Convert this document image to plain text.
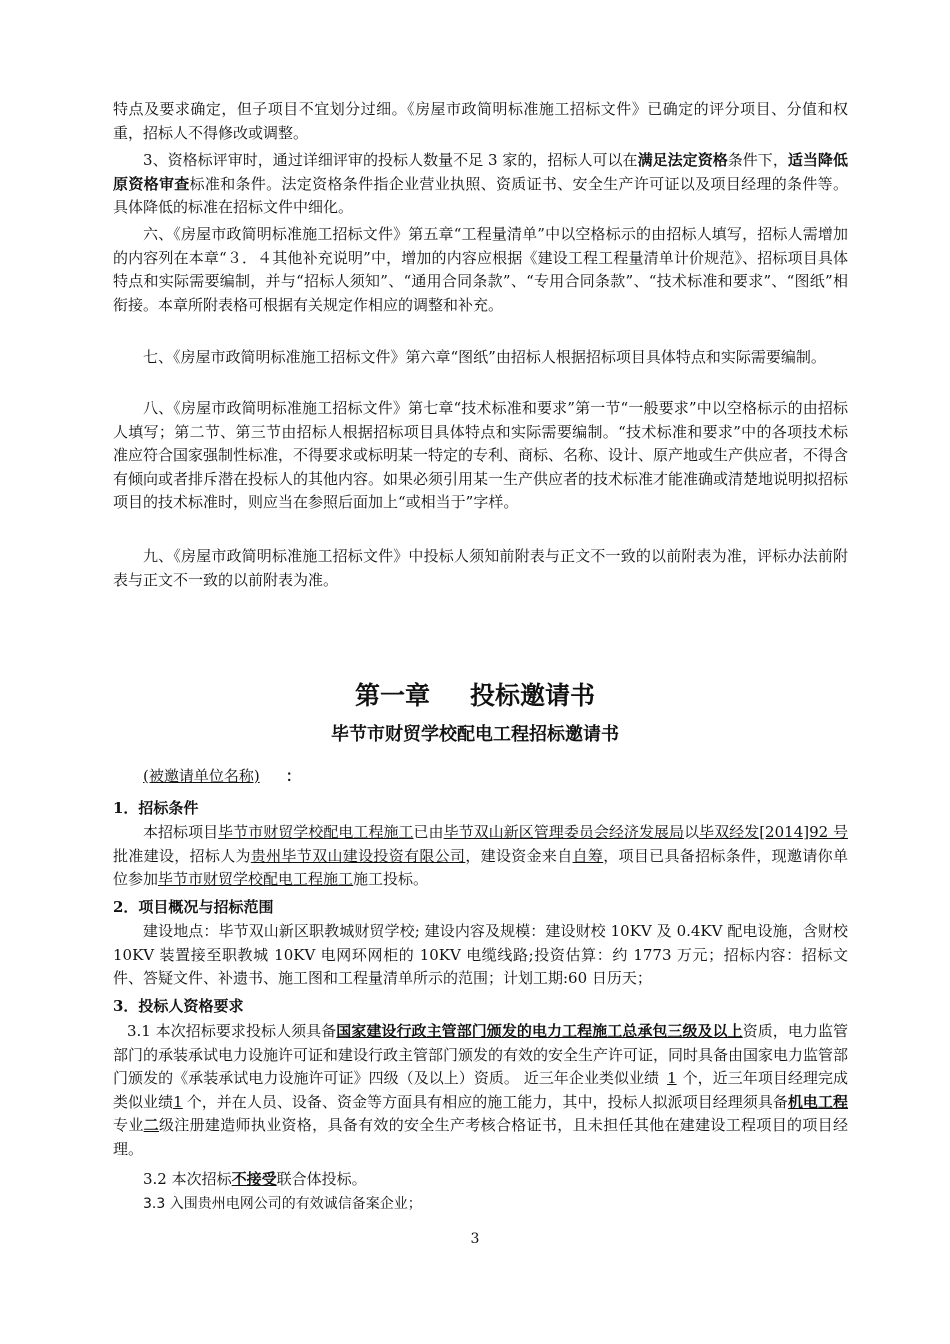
特点及要求确定，但子项目不宜划分过细。《房屋市政简明标准施工招标文件》已确定的评分项目、分值和权重，招标人不得修改或调整。

3、资格标评审时，通过详细评审的投标人数量不足 3 家的，招标人可以在满足法定资格条件下，适当降低原资格审查标准和条件。法定资格条件指企业营业执照、资质证书、安全生产许可证以及项目经理的条件等。具体降低的标准在招标文件中细化。

六、《房屋市政简明标准施工招标文件》第五章“工程量清单”中以空格标示的由招标人填写，招标人需增加的内容列在本章“３．４其他补充说明”中，增加的内容应根据《建设工程工程量清单计价规范》、招标项目具体特点和实际需要编制，并与“招标人须知”、“通用合同条款”、“专用合同条款”、“技术标准和要求”、“图纸”相衔接。本章所附表格可根据有关规定作相应的调整和补充。

七、《房屋市政简明标准施工招标文件》第六章“图纸”由招标人根据招标项目具体特点和实际需要编制。

八、《房屋市政简明标准施工招标文件》第七章“技术标准和要求”第一节“一般要求”中以空格标示的由招标人填写；第二节、第三节由招标人根据招标项目具体特点和实际需要编制。“技术标准和要求”中的各项技术标准应符合国家强制性标准，不得要求或标明某一特定的专利、商标、名称、设计、原产地或生产供应者，不得含有倾向或者排斥潜在投标人的其他内容。如果必须引用某一生产供应者的技术标准才能准确或清楚地说明拟招标项目的技术标准时，则应当在参照后面加上“或相当于”字样。

九、《房屋市政简明标准施工招标文件》中投标人须知前附表与正文不一致的以前附表为准，评标办法前附表与正文不一致的以前附表为准。

第一章 投标邀请书
毕节市财贸学校配电工程招标邀请书

(被邀请单位名称) ：

1．招标条件

本招标项目毕节市财贸学校配电工程施工已由毕节双山新区管理委员会经济发展局以毕双经发[2014]92 号批准建设，招标人为贵州毕节双山建设投资有限公司，建设资金来自自筹，项目已具备招标条件，现邀请你单位参加毕节市财贸学校配电工程施工施工投标。

2．项目概况与招标范围

建设地点：毕节双山新区职教城财贸学校; 建设内容及规模：建设财校 10KV 及 0.4KV 配电设施，含财校 10KV 装置接至职教城 10KV 电网环网柜的 10KV 电缆线路;投资估算：约 1773 万元；招标内容：招标文件、答疑文件、补遗书、施工图和工程量清单所示的范围；计划工期:60 日历天；

3．投标人资格要求

3.1 本次招标要求投标人须具备国家建设行政主管部门颁发的电力工程施工总承包三级及以上资质，电力监管部门的承装承试电力设施许可证和建设行政主管部门颁发的有效的安全生产许可证，同时具备由国家电力监管部门颁发的《承装承试电力设施许可证》四级（及以上）资质。 近三年企业类似业绩 1 个，近三年项目经理完成类似业绩1 个，并在人员、设备、资金等方面具有相应的施工能力，其中，投标人拟派项目经理须具备机电工程专业二级注册建造师执业资格，具备有效的安全生产考核合格证书，且未担任其他在建建设工程项目的项目经理。

3.2 本次招标不接受联合体投标。

3.3 入围贵州电网公司的有效诚信备案企业；

3
